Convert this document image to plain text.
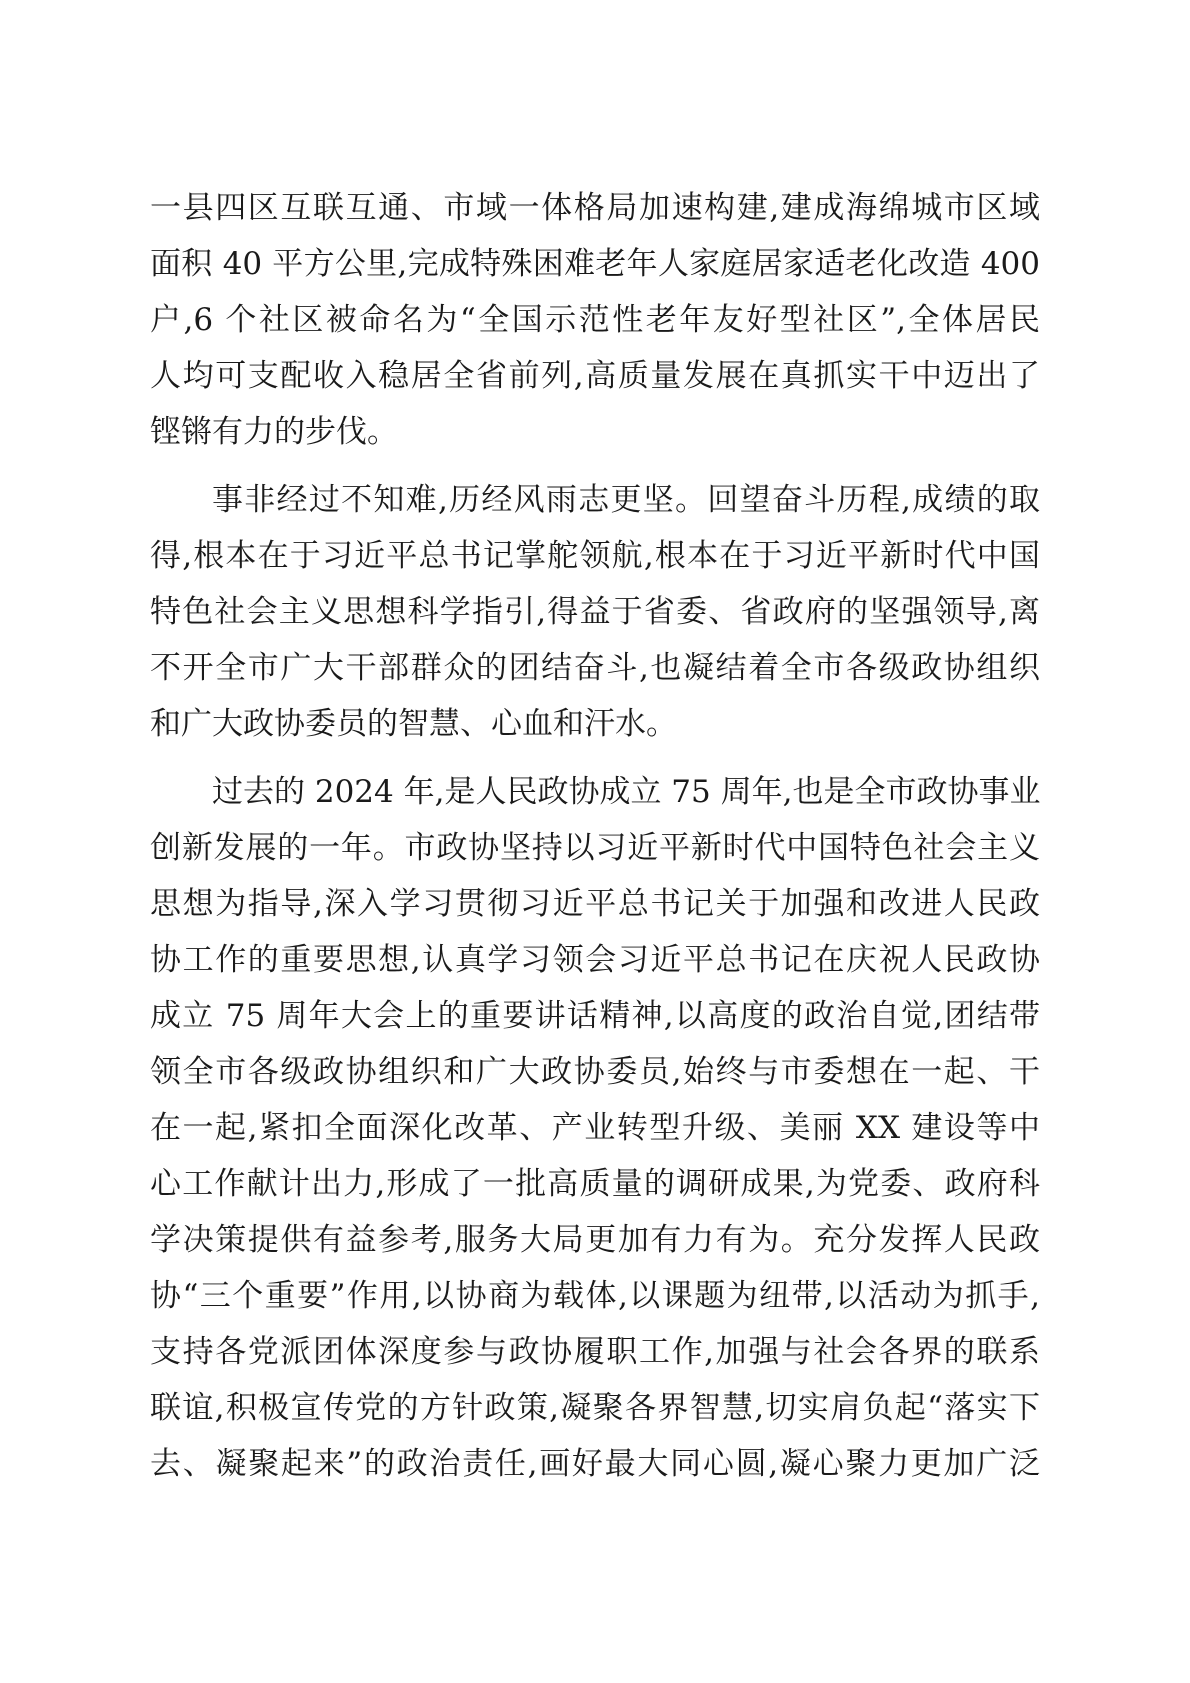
一县四区互联互通、市域一体格局加速构建,建成海绵城市区域
面积 40 平方公里,完成特殊困难老年人家庭居家适老化改造 400
户,6 个社区被命名为“全国示范性老年友好型社区”,全体居民
人均可支配收入稳居全省前列,高质量发展在真抓实干中迈出了
铿锵有力的步伐。
事非经过不知难,历经风雨志更坚。回望奋斗历程,成绩的取
得,根本在于习近平总书记掌舵领航,根本在于习近平新时代中国
特色社会主义思想科学指引,得益于省委、省政府的坚强领导,离
不开全市广大干部群众的团结奋斗,也凝结着全市各级政协组织
和广大政协委员的智慧、心血和汗水。
过去的 2024 年,是人民政协成立 75 周年,也是全市政协事业
创新发展的一年。市政协坚持以习近平新时代中国特色社会主义
思想为指导,深入学习贯彻习近平总书记关于加强和改进人民政
协工作的重要思想,认真学习领会习近平总书记在庆祝人民政协
成立 75 周年大会上的重要讲话精神,以高度的政治自觉,团结带
领全市各级政协组织和广大政协委员,始终与市委想在一起、干
在一起,紧扣全面深化改革、产业转型升级、美丽 XX 建设等中
心工作献计出力,形成了一批高质量的调研成果,为党委、政府科
学决策提供有益参考,服务大局更加有力有为。充分发挥人民政
协“三个重要”作用,以协商为载体,以课题为纽带,以活动为抓手,
支持各党派团体深度参与政协履职工作,加强与社会各界的联系
联谊,积极宣传党的方针政策,凝聚各界智慧,切实肩负起“落实下
去、凝聚起来”的政治责任,画好最大同心圆,凝心聚力更加广泛
